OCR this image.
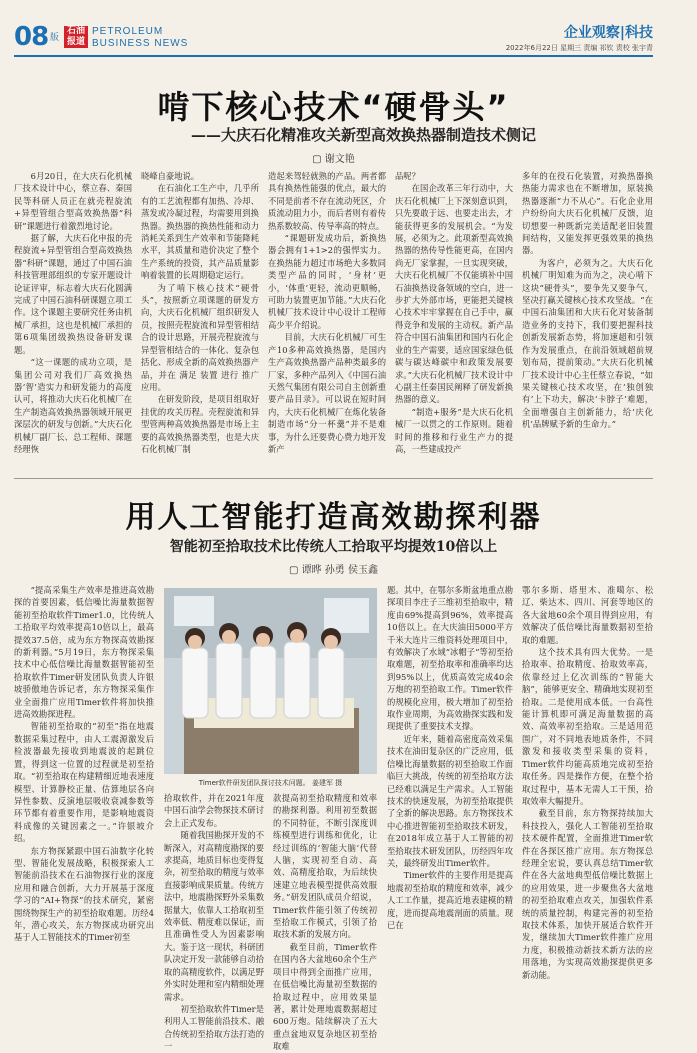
08 版
石油
报道
PETROLEUM
BUSINESS NEWS
企业观察|科技
2022年6月22日 星期三 责编 祁钦 责校 张宇青
啃下核心技术“硬骨头”
——大庆石化精准攻关新型高效换热器制造技术侧记
▢ 谢文艳

6月20日，在大庆石化机械厂技术设计中心，蔡立春、秦国民等科研人员正在就壳程旋流+异型管组合型高效换热器“科研”课题进行着激烈地讨论。

据了解，大庆石化申报的壳程旋流+异型管组合型高效换热器“科研”课题，通过了中国石油科技管理部组织的专家开题设计论证评审，标志着大庆石化圆满完成了中国石油科研课题立项工作。这个课题主要研究任务由机械厂承担，这也是机械厂承担的第6项集团级换热设备研发课题。

“这一课题的成功立项，是集团公司对我们厂高效换热器‘智’造实力和研发能力的高度认可，将推动大庆石化机械厂在生产制造高效换热器领域开展更深层次的研发与创新。”大庆石化机械厂副厂长、总工程师、课题经理恢

晓峰自豪地说。

在石油化工生产中，几乎所有的工艺流程都有加热、冷却、蒸发或冷凝过程，均需要用到换热器。换热器的换热性能和动力消耗关系到生产效率和节能降耗水平，其质量和造价决定了整个生产系统的投资，其产品质量影响着装置的长周期稳定运行。

为了啃下核心技术“硬骨头”，按照新立项课题的研发方向，大庆石化机械厂组织研发人员，按照壳程旋流和异型管相结合的设计思路，开展壳程旋流与异型管相结合的一体化、复杂包括化、形成全新的高效换热器产品，并在 满足 装置 进行 推广 应用。

在研发阶段，是项目组取好挂优的攻关历程。壳程旋流和异型管两种高效换热器是市场上主要的高效换热器类型，也是大庆石化机械厂制

造起来驾轻就熟的产品。两者都具有换热性能强的优点，最大的不同是前者不存在流动死区，介质流动阻力小，而后者则有着传热系数较高、传导率高的特点。

“课题研发成功后，新换热器会拥有1+1>2的强悍实力。在换热能力超过市场绝大多数同类型产品的同时，‘身材’更小，‘体重’更轻，流动更顺畅，可助力装置更加节能。”大庆石化机械厂技术设计中心设计工程师高少平介绍说。

目前，大庆石化机械厂可生产10多种高效换热器，是国内生产高效换热器产品种类最多的厂家，多种产品列入《中国石油天然气集团有限公司自主创新重要产品目录》。可以说在短时间内，大庆石化机械厂在炼化装备制造市场“分一杯羹”并不是难事，为什么还要费心费力地开发新产

品呢？

在国企改革三年行动中，大庆石化机械厂上下深刻意识到，只先要敢于远、也要走出去，才能获得更多的发展机会。“为发展，必须为之。此项新型高效换热器的热传导性能更高，在国内尚无厂家掌握，一旦实现突破，大庆石化机械厂不仅能填补中国石油换热设备领域的空白，进一步扩大外部市场，更能把关键核心技术牢牢掌握在自己手中，赢得竞争和发展的主动权。新产品符合中国石油集团和国内石化企业的生产需要，适应国家绿色低碳与碳达峰碳中和政策发展要求。”大庆石化机械厂技术设计中心副主任秦国民阐释了研发新换热器的意义。

“制造+服务”是大庆石化机械厂一以贯之的工作原则。随着时间的推移和行业生产力的提高，一些建成投产

多年的在役石化装置，对换热器换热能力需求也在不断增加，原装换热器逐渐“力不从心”。石化企业用户纷纷向大庆石化机械厂反馈，迫切想要一种既新完美适配老旧装置间结构，又能发挥更强效果的换热器。

为客户，必须为之。大庆石化机械厂明知难为而为之，决心啃下这块“硬骨头”，要争先又要争气，坚决打赢关键核心技术攻坚战。“在中国石油集团和大庆石化对装备制造业务的支持下，我们要把握科技创新发展新态势，将加速超和引领作为发展重点，在前沿领域超前规划布局，提前策动。”大庆石化机械厂技术设计中心主任蔡立春说，“如果关键核心技术攻坚，在‘独创独有’上下功夫，解决‘卡脖子’难题，全面增强自主创新能力，给‘庆化机’品牌赋予新的生命力。”

用人工智能打造高效勘探利器
智能初至拾取技术比传统人工拾取平均提效10倍以上
▢ 谭晔 孙勇 侯玉鑫

“提高采集生产效率是推进高效勘探的首要因素，低信噪比海量数据智能初至拾取软件Timer1.0，比传统人工拾取平均效率提高10倍以上，最高提效37.5倍，成为东方物探高效勘探的新利器。”5月19日，东方物探采集技术中心低信噪比海量数据智能初至拾取软件Timer研发团队负责人许银坡骄傲地告诉记者，东方物探采集作业全面推广应用Timer软件将加快推进高效勘探进程。

智能初至拾取的“初至”指在地震数据采集过程中，由人工震源激发后检波器最先接收到地震波的起跳位置，得到这一位置的过程就是初至拾取。“初至拾取在构建精细近地表速度模型、计算静校正量、估算地层各向异性参数、反演地层吸收衰减参数等环节都有着重要作用，是影响地震资料成像的关键因素之一。”许银坡介绍。

东方物探紧跟中国石油数字化转型、智能化发展战略，积极探索人工智能前沿技术在石油物探行业的深度应用和融合创新，大力开展基于深度学习的“AI+物探”的技术研究，紧密围绕物探生产的初至拾取难题。历经4年，潜心攻关，东方物探成功研究出基于人工智能技术的Timer初至

Timer软件研发团队探讨技术问题。 姜建军 摄

拾取软件，并在2021年度中国石油学会物探技术研讨会上正式发布。

随着我国勘探开发的不断深入，对高精度勘探的要求提高，地质目标也变得复杂，初至拾取的精度与效率直接影响成果质量。传统方法中，地震勘探野外采集数据量大，依靠人工拾取初至效率低、精度难以保证，而且准确性受人为因素影响大。鉴于这一现状，科研团队决定开发一款能够自动拾取的高精度软件，以满足野外实时处理和室内精细处理需求。

初至拾取软件Timer是利用人工智能前沿技术、融合传统初至拾取方法打造的一

款提高初至拾取精度和效率的勘探利器。利用初至数据的不同特征，不断引深度训练模型进行训练和优化，让经过训练的‘智能大脑’代替人脑，实现初至自动、高效、高精度拾取，为后续快速建立地表模型提供高效服务。”研发团队成员介绍说，Timer软件能引领了传统初至拾取工作模式，引领了拾取技术新的发展方向。

截至目前，Timer软件在国内各大盆地60余个生产项目中得到全面推广应用，在低信噪比海量初至数据的拾取过程中，应用效果显著，累计处理地震数据超过600万炮。陆续解决了五大重点盆地双复杂地区初至拾取难

题。其中，在鄂尔多斯盆地重点勘探项目李庄子三维初至拾取中，精度由69%提高到96%，效率提高10倍以上。在大庆油田5000平方千米大连片三维资料处理项目中，有效解决了水域“冰帽子”等初至拾取难题，初至拾取率和准确率均达到95%以上，优质高效完成40余万炮的初至拾取工作。Timer软件的规模化应用，极大增加了初至拾取作业周期，为高效勘探实践和发现提供了重要技术支撑。

近年来，随着高密度高效采集技术在油田复杂区的广泛应用，低信噪比海量数据的初至拾取工作面临巨大挑战，传统的初至拾取方法已经难以满足生产需求。人工智能技术的快速发展，为初至拾取提供了全新的解决思路。东方物探技术中心推进智能初至拾取技术研发，在2018年成立基于人工智能的初至拾取技术研发团队，历经四年攻关，最终研发出Timer软件。

Timer软件的主要作用是提高地震初至拾取的精度和效率，减少人工工作量，提高近地表建模的精度，进而提高地震剖面的质量。现已在

鄂尔多斯、塔里木、准噶尔、松辽、柴达木、四川、河套等地区的各大盆地60余个项目得到应用，有效解决了低信噪比海量数据初至拾取的难题。

这个技术具有四大优势。一是拾取率、拾取精度、拾取效率高，依靠经过上亿次训练的“智能大脑”，能够更安全、精确地实现初至拾取。二是使用成本低。一台高性能计算机即可满足海量数据的高效、高效率初至拾取。三是适用范围广，对不同地表地质条件，不同激发和接收类型采集的资料，Timer软件均能高质地完成初至拾取任务。四是操作方便，在整个拾取过程中，基本无需人工干预，拾取效率大幅提升。

截至目前，东方物探持续加大科技投入，强化人工智能初至拾取技术硬件配置，全面推进Timer软件在各探区推广应用。东方物探总经理全宏说，要认真总结Timer软件在各大盆地典型低信噪比数据上的应用效果，进一步聚焦各大盆地的初至拾取难点攻关，加强软件系统的质量控制，构建完善的初至拾取技术体系，加快开展适合软件开发，继续加大Timer软件推广应用力度，积极推动新技术新方法的应用落地，为实现高效勘探提供更多新动能。
